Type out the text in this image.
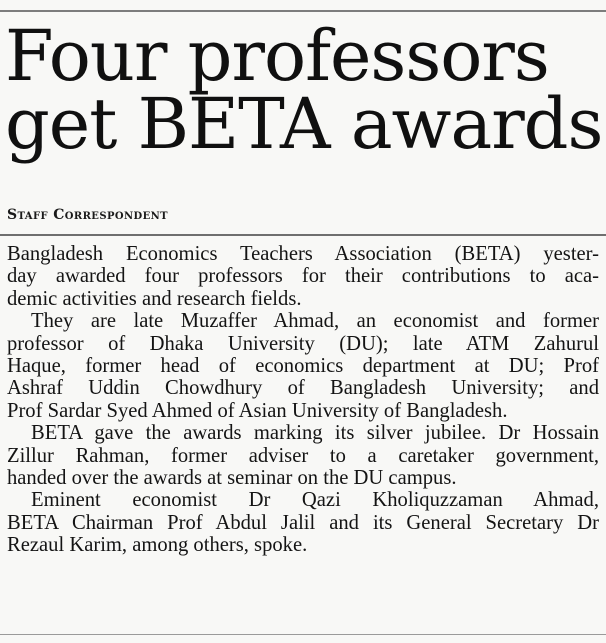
Four professors
get BETA awards
Staff Correspondent

Bangladesh Economics Teachers Association (BETA) yester-
day awarded four professors for their contributions to aca-
demic activities and research fields.

They are late Muzaffer Ahmad, an economist and former
professor of Dhaka University (DU); late ATM Zahurul
Haque, former head of economics department at DU; Prof
Ashraf Uddin Chowdhury of Bangladesh University; and
Prof Sardar Syed Ahmed of Asian University of Bangladesh.

BETA gave the awards marking its silver jubilee. Dr Hossain
Zillur Rahman, former adviser to a caretaker government,
handed over the awards at seminar on the DU campus.

Eminent economist Dr Qazi Kholiquzzaman Ahmad,
BETA Chairman Prof Abdul Jalil and its General Secretary Dr
Rezaul Karim, among others, spoke.
